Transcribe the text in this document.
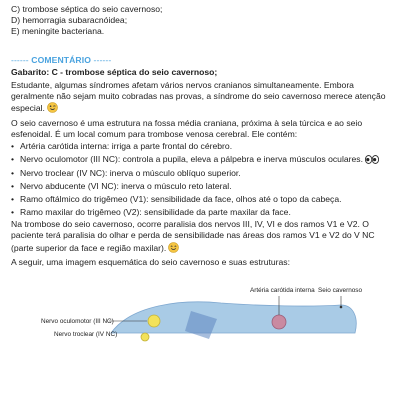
C) trombose séptica do seio cavernoso;

D) hemorragia subaracnóidea;

E) meningite bacteriana.

------ COMENTÁRIO ------

Gabarito: C - trombose séptica do seio cavernoso;

Estudante, algumas síndromes afetam vários nervos cranianos simultaneamente. Embora geralmente não sejam muito cobradas nas provas, a síndrome do seio cavernoso merece atenção especial.

O seio cavernoso é uma estrutura na fossa média craniana, próxima à sela túrcica e ao seio esfenoidal. É um local comum para trombose venosa cerebral. Ele contém:

• Artéria carótida interna: irriga a parte frontal do cérebro.
• Nervo oculomotor (III NC): controla a pupila, eleva a pálpebra e inerva músculos oculares.
• Nervo troclear (IV NC): inerva o músculo oblíquo superior.
• Nervo abducente (VI NC): inerva o músculo reto lateral.
• Ramo oftálmico do trigêmeo (V1): sensibilidade da face, olhos até o topo da cabeça.
• Ramo maxilar do trigêmeo (V2): sensibilidade da parte maxilar da face.

Na trombose do seio cavernoso, ocorre paralisia dos nervos III, IV, VI e dos ramos V1 e V2. O paciente terá paralisia do olhar e perda de sensibilidade nas áreas dos ramos V1 e V2 do V NC (parte superior da face e região maxilar).

A seguir, uma imagem esquemática do seio cavernoso e suas estruturas:

Artéria carótida interna Seio cavernoso
Nervo oculomotor (III NC)
Nervo troclear (IV NC)
